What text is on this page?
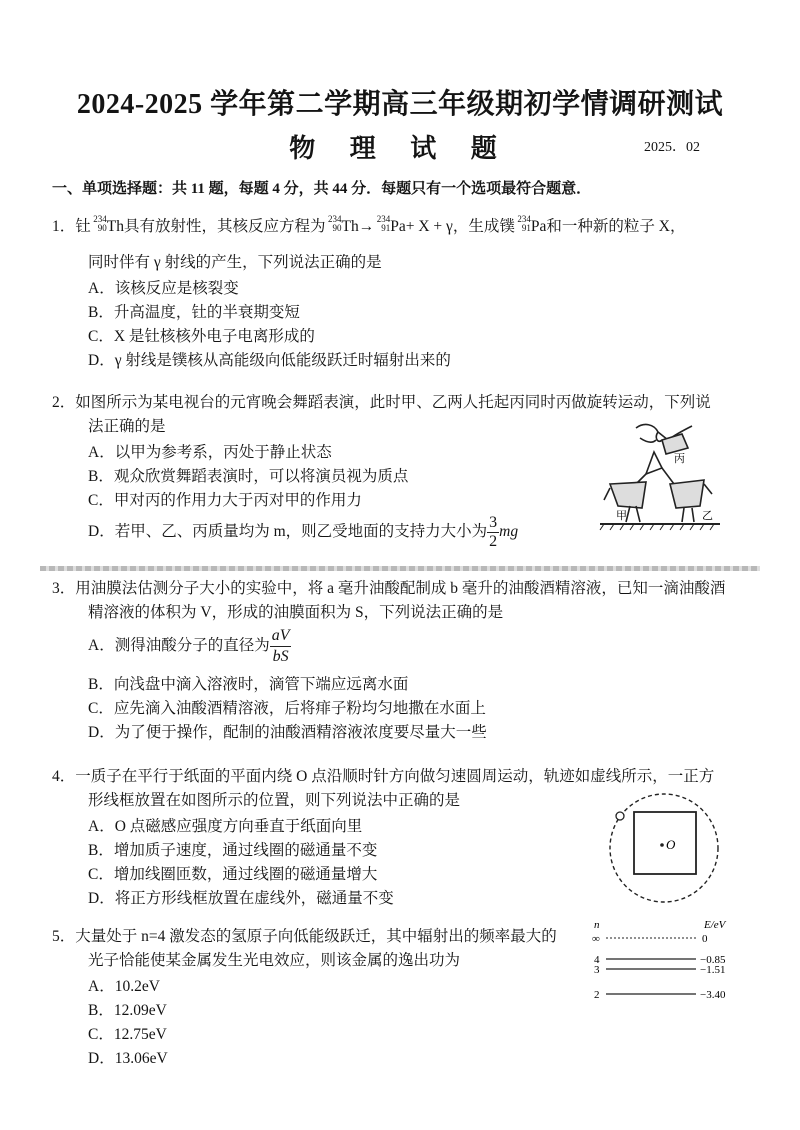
2024-2025 学年第二学期高三年级期初学情调研测试
物 理 试 题	2025．02
一、单项选择题：共 11 题，每题 4 分，共 44 分．每题只有一个选项最符合题意．
1．钍 234
90 Th具有放射性，其核反应方程为 234
90 Th→ 234
91 Pa+ X + γ，生成镤 234
91 Pa和一种新的粒子 X，
同时伴有 γ 射线的产生，下列说法正确的是
A．该核反应是核裂变
B．升高温度，钍的半衰期变短
C．X 是钍核核外电子电离形成的
D．γ 射线是镤核从高能级向低能级跃迁时辐射出来的
2．如图所示为某电视台的元宵晚会舞蹈表演，此时甲、乙两人托起丙同时丙做旋转运动，下列说
法正确的是
A．以甲为参考系，丙处于静止状态
B．观众欣赏舞蹈表演时，可以将演员视为质点
C．甲对丙的作用力大于丙对甲的作用力
D．若甲、乙、丙质量均为 m，则乙受地面的支持力大小为 $\frac{3}{2}$ mg
丙
甲	乙
3．用油膜法估测分子大小的实验中，将 a 毫升油酸配制成 b 毫升的油酸酒精溶液，已知一滴油酸酒
精溶液的体积为 V，形成的油膜面积为 S，下列说法正确的是
A．测得油酸分子的直径为 $\frac{aV}{bS}$
B．向浅盘中滴入溶液时，滴管下端应远离水面
C．应先滴入油酸酒精溶液，后将痱子粉均匀地撒在水面上
D．为了便于操作，配制的油酸酒精溶液浓度要尽量大一些
4．一质子在平行于纸面的平面内绕 O 点沿顺时针方向做匀速圆周运动，轨迹如虚线所示，一正方
形线框放置在如图所示的位置，则下列说法中正确的是
A．O 点磁感应强度方向垂直于纸面向里
B．增加质子速度，通过线圈的磁通量不变
C．增加线圈匝数，通过线圈的磁通量增大
D．将正方形线框放置在虚线外，磁通量不变
O
5．大量处于 n=4 激发态的氢原子向低能级跃迁，其中辐射出的频率最大的
光子恰能使某金属发生光电效应，则该金属的逸出功为
A．10.2eV
B．12.09eV
C．12.75eV
D．13.06eV
n	E/eV
∞	0
4	−0.85
3	−1.51
2	−3.40
